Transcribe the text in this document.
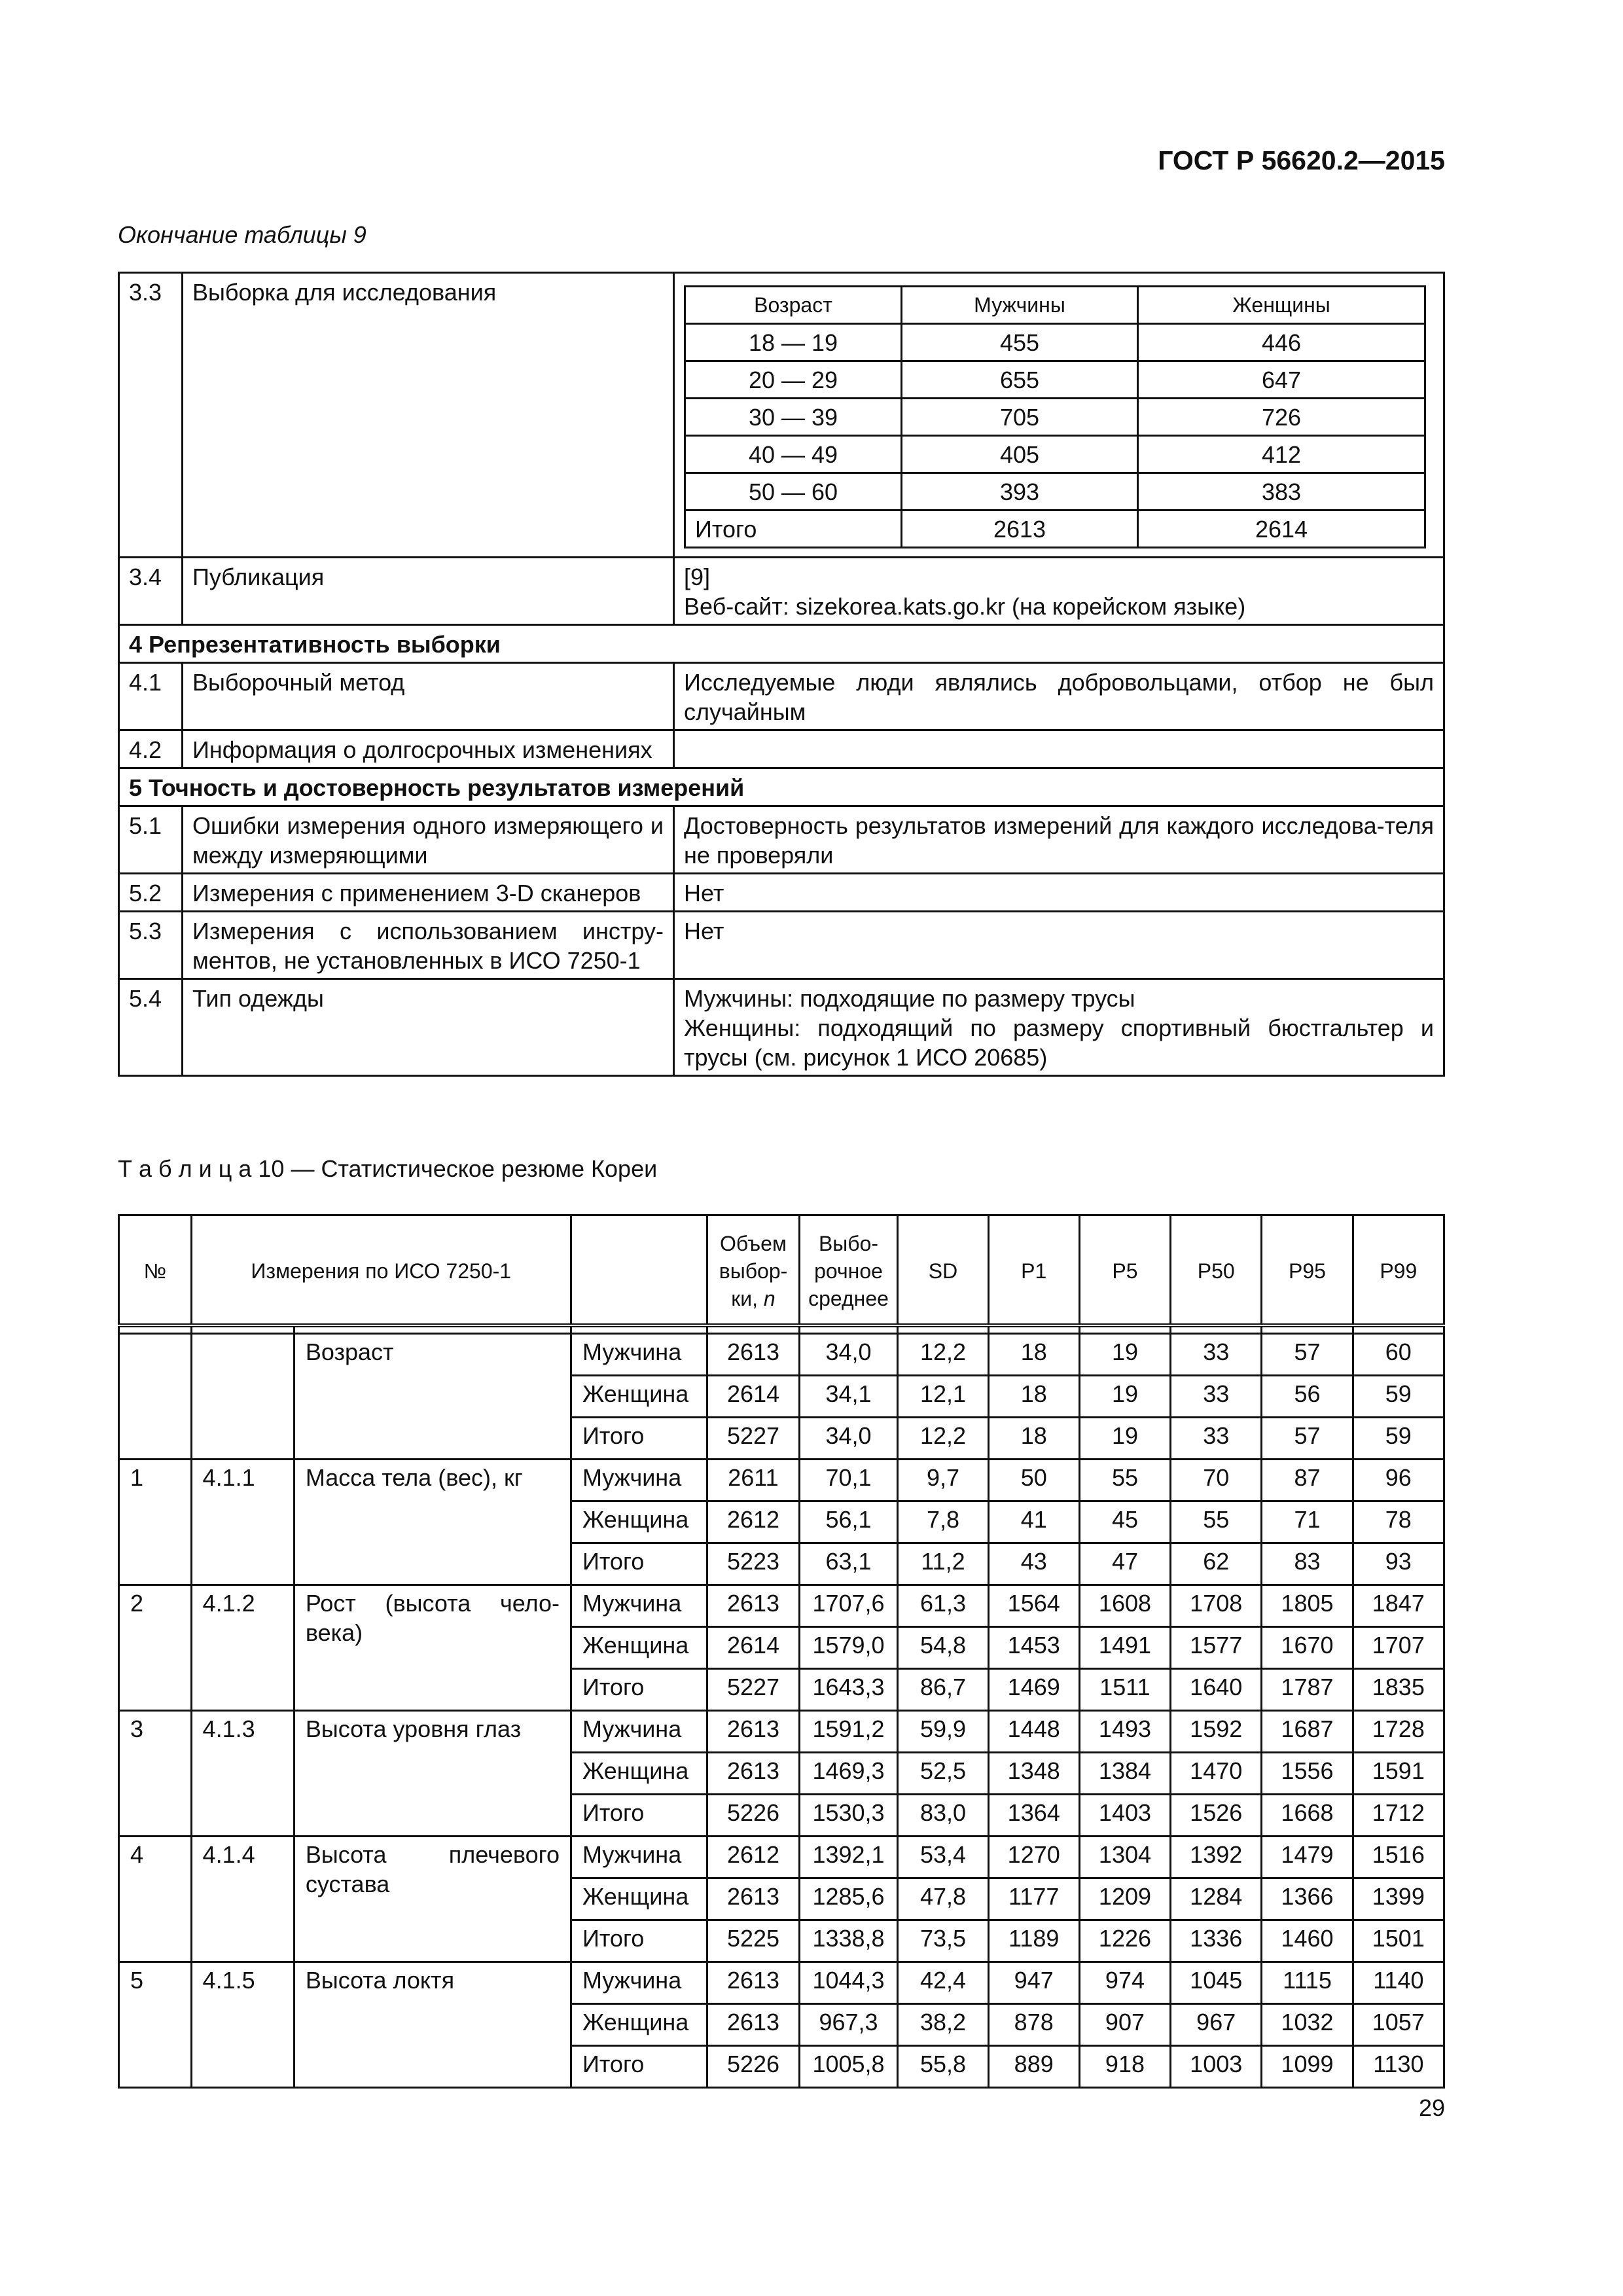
ГОСТ Р 56620.2—2015
Окончание таблицы 9
3.3	Выборка для исследования		Возраст	Мужчины	Женщины
18 — 19	455	446
20 — 29	655	647
30 — 39	705	726
40 — 49	405	412
50 — 60	393	383
Итого	2613	2614

3.4	Публикация	[9]
Веб-сайт: sizekorea.kats.go.kr (на корейском языке)

4 Репрезентативность выборки
4.1	Выборочный метод	Исследуемые люди являлись добровольцами, отбор не был случайным
4.2	Информация о долгосрочных изменениях	
5 Точность и достоверность результатов измерений
5.1	Ошибки измерения одного измеряющего и между измеряющими	Достоверность результатов измерений для каждого исследова-теля не проверяли
5.2	Измерения с применением 3-D сканеров	Нет
5.3	Измерения с использованием инстру-ментов, не установленных в ИСО 7250-1	Нет
5.4	Тип одежды	Мужчины: подходящие по размеру трусы
Женщины: подходящий по размеру спортивный бюстгальтер и трусы (см. рисунок 1 ИСО 20685)
Т а б л и ц а 10 — Статистическое резюме Кореи
№	Измерения по ИСО 7250-1			Объем выбор-ки, n	Выбо-рочное среднее	SD	P1	P5	P50	P95	P99

		Возраст	Мужчина	2613	34,0	12,2	18	19	33	57	60
			Женщина	2614	34,1	12,1	18	19	33	56	59
			Итого	5227	34,0	12,2	18	19	33	57	59
1	4.1.1	Масса тела (вес), кг	Мужчина	2611	70,1	9,7	50	55	70	87	96
			Женщина	2612	56,1	7,8	41	45	55	71	78
			Итого	5223	63,1	11,2	43	47	62	83	93
2	4.1.2	Рост (высота чело-века)	Мужчина	2613	1707,6	61,3	1564	1608	1708	1805	1847
			Женщина	2614	1579,0	54,8	1453	1491	1577	1670	1707
			Итого	5227	1643,3	86,7	1469	1511	1640	1787	1835
3	4.1.3	Высота уровня глаз	Мужчина	2613	1591,2	59,9	1448	1493	1592	1687	1728
			Женщина	2613	1469,3	52,5	1348	1384	1470	1556	1591
			Итого	5226	1530,3	83,0	1364	1403	1526	1668	1712
4	4.1.4	Высота плечевого сустава	Мужчина	2612	1392,1	53,4	1270	1304	1392	1479	1516
			Женщина	2613	1285,6	47,8	1177	1209	1284	1366	1399
			Итого	5225	1338,8	73,5	1189	1226	1336	1460	1501
5	4.1.5	Высота локтя	Мужчина	2613	1044,3	42,4	947	974	1045	1115	1140
			Женщина	2613	967,3	38,2	878	907	967	1032	1057
			Итого	5226	1005,8	55,8	889	918	1003	1099	1130
29
